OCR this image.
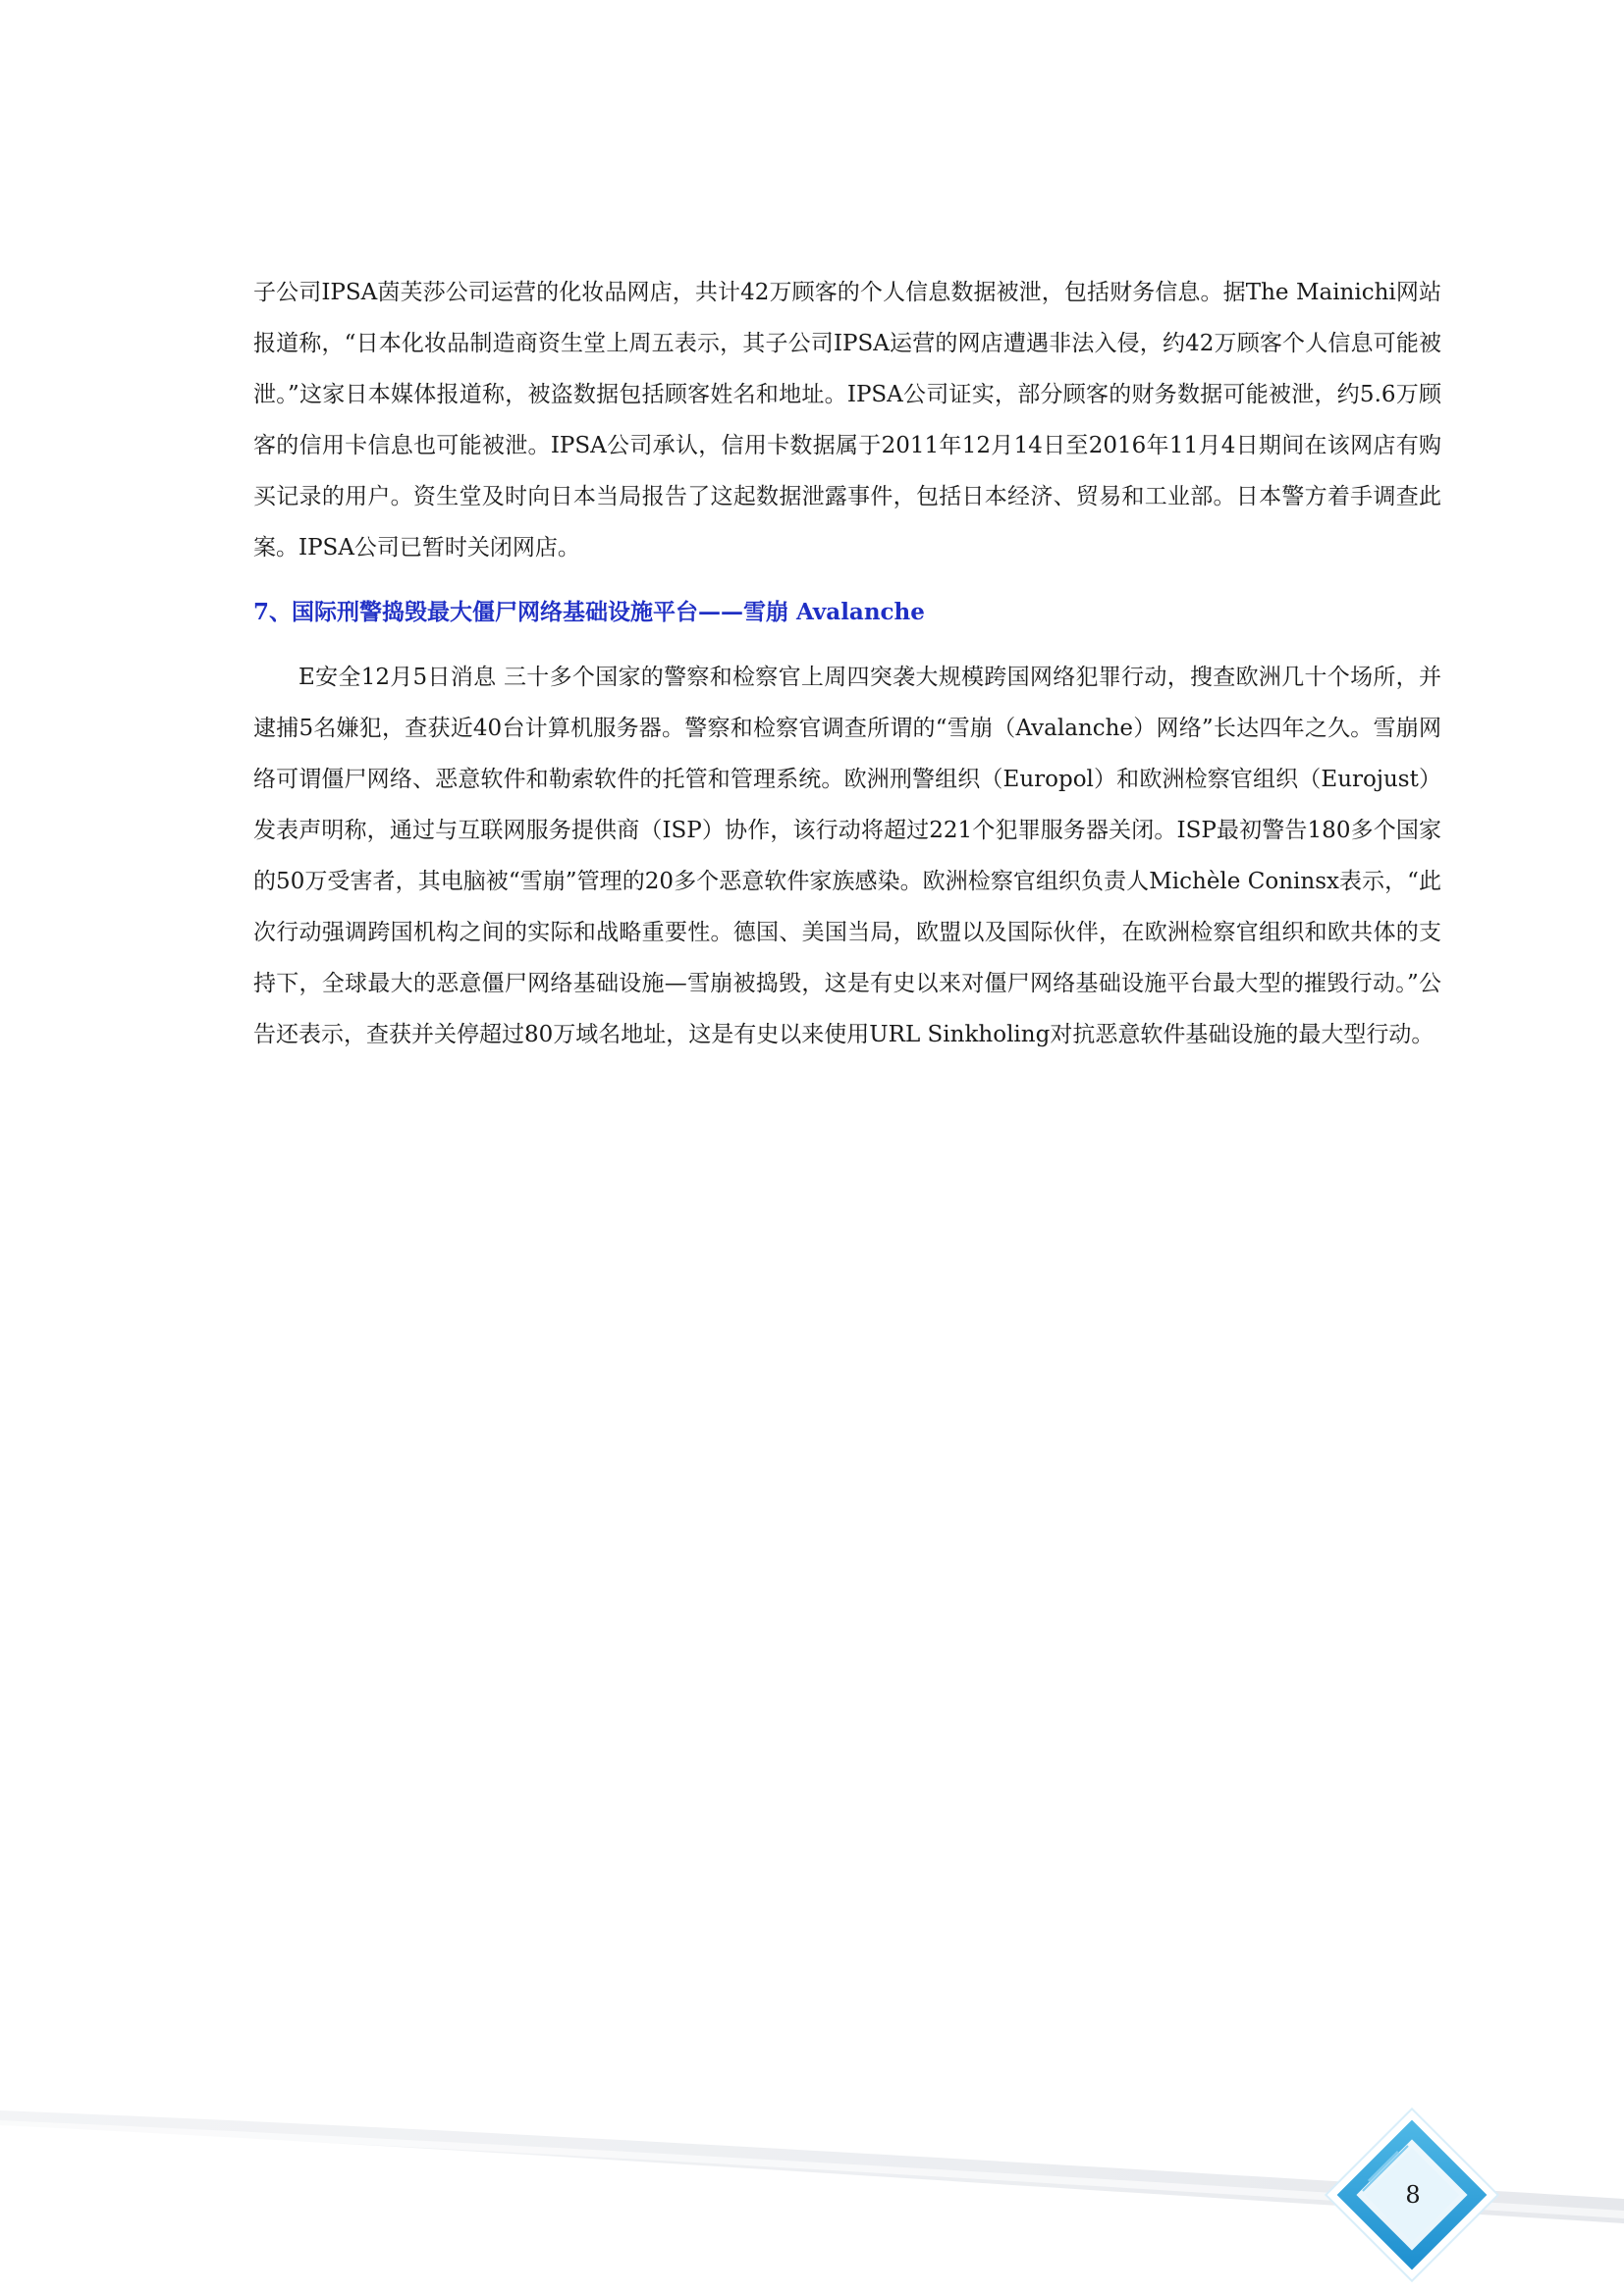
子公司IPSA茵芙莎公司运营的化妆品网店，共计42万顾客的个人信息数据被泄，包括财务信息。据The Mainichi网站报道称，“日本化妆品制造商资生堂上周五表示，其子公司IPSA运营的网店遭遇非法入侵，约42万顾客个人信息可能被泄。”这家日本媒体报道称，被盗数据包括顾客姓名和地址。IPSA公司证实，部分顾客的财务数据可能被泄，约5.6万顾客的信用卡信息也可能被泄。IPSA公司承认，信用卡数据属于2011年12月14日至2016年11月4日期间在该网店有购买记录的用户。资生堂及时向日本当局报告了这起数据泄露事件，包括日本经济、贸易和工业部。日本警方着手调查此案。IPSA公司已暂时关闭网店。

7、国际刑警捣毁最大僵尸网络基础设施平台——雪崩 Avalanche

E安全12月5日消息 三十多个国家的警察和检察官上周四突袭大规模跨国网络犯罪行动，搜查欧洲几十个场所，并逮捕5名嫌犯，查获近40台计算机服务器。警察和检察官调查所谓的“雪崩（Avalanche）网络”长达四年之久。雪崩网络可谓僵尸网络、恶意软件和勒索软件的托管和管理系统。欧洲刑警组织（Europol）和欧洲检察官组织（Eurojust）发表声明称，通过与互联网服务提供商（ISP）协作，该行动将超过221个犯罪服务器关闭。ISP最初警告180多个国家的50万受害者，其电脑被“雪崩”管理的20多个恶意软件家族感染。欧洲检察官组织负责人Michèle Coninsx表示，“此次行动强调跨国机构之间的实际和战略重要性。德国、美国当局，欧盟以及国际伙伴，在欧洲检察官组织和欧共体的支持下，全球最大的恶意僵尸网络基础设施—雪崩被捣毁，这是有史以来对僵尸网络基础设施平台最大型的摧毁行动。”公告还表示，查获并关停超过80万域名地址，这是有史以来使用URL Sinkholing对抗恶意软件基础设施的最大型行动。

8
